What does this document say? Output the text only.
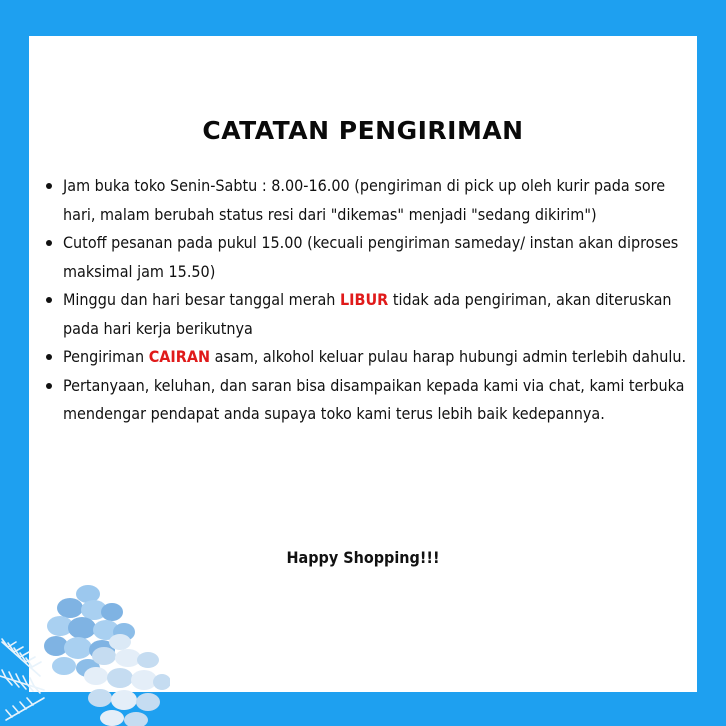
CATATAN PENGIRIMAN
Jam buka toko Senin-Sabtu : 8.00-16.00 (pengiriman di pick up oleh kurir pada sore hari, malam berubah status resi dari "dikemas" menjadi "sedang dikirim")
Cutoff pesanan pada pukul 15.00 (kecuali pengiriman sameday/ instan akan diproses maksimal jam 15.50)
Minggu dan hari besar tanggal merah LIBUR tidak ada pengiriman, akan diteruskan pada hari kerja berikutnya
Pengiriman CAIRAN asam, alkohol keluar pulau harap hubungi admin terlebih dahulu.
Pertanyaan, keluhan, dan saran bisa disampaikan kepada kami via chat, kami terbuka mendengar pendapat anda supaya toko kami terus lebih baik kedepannya.

Happy Shopping!!!
